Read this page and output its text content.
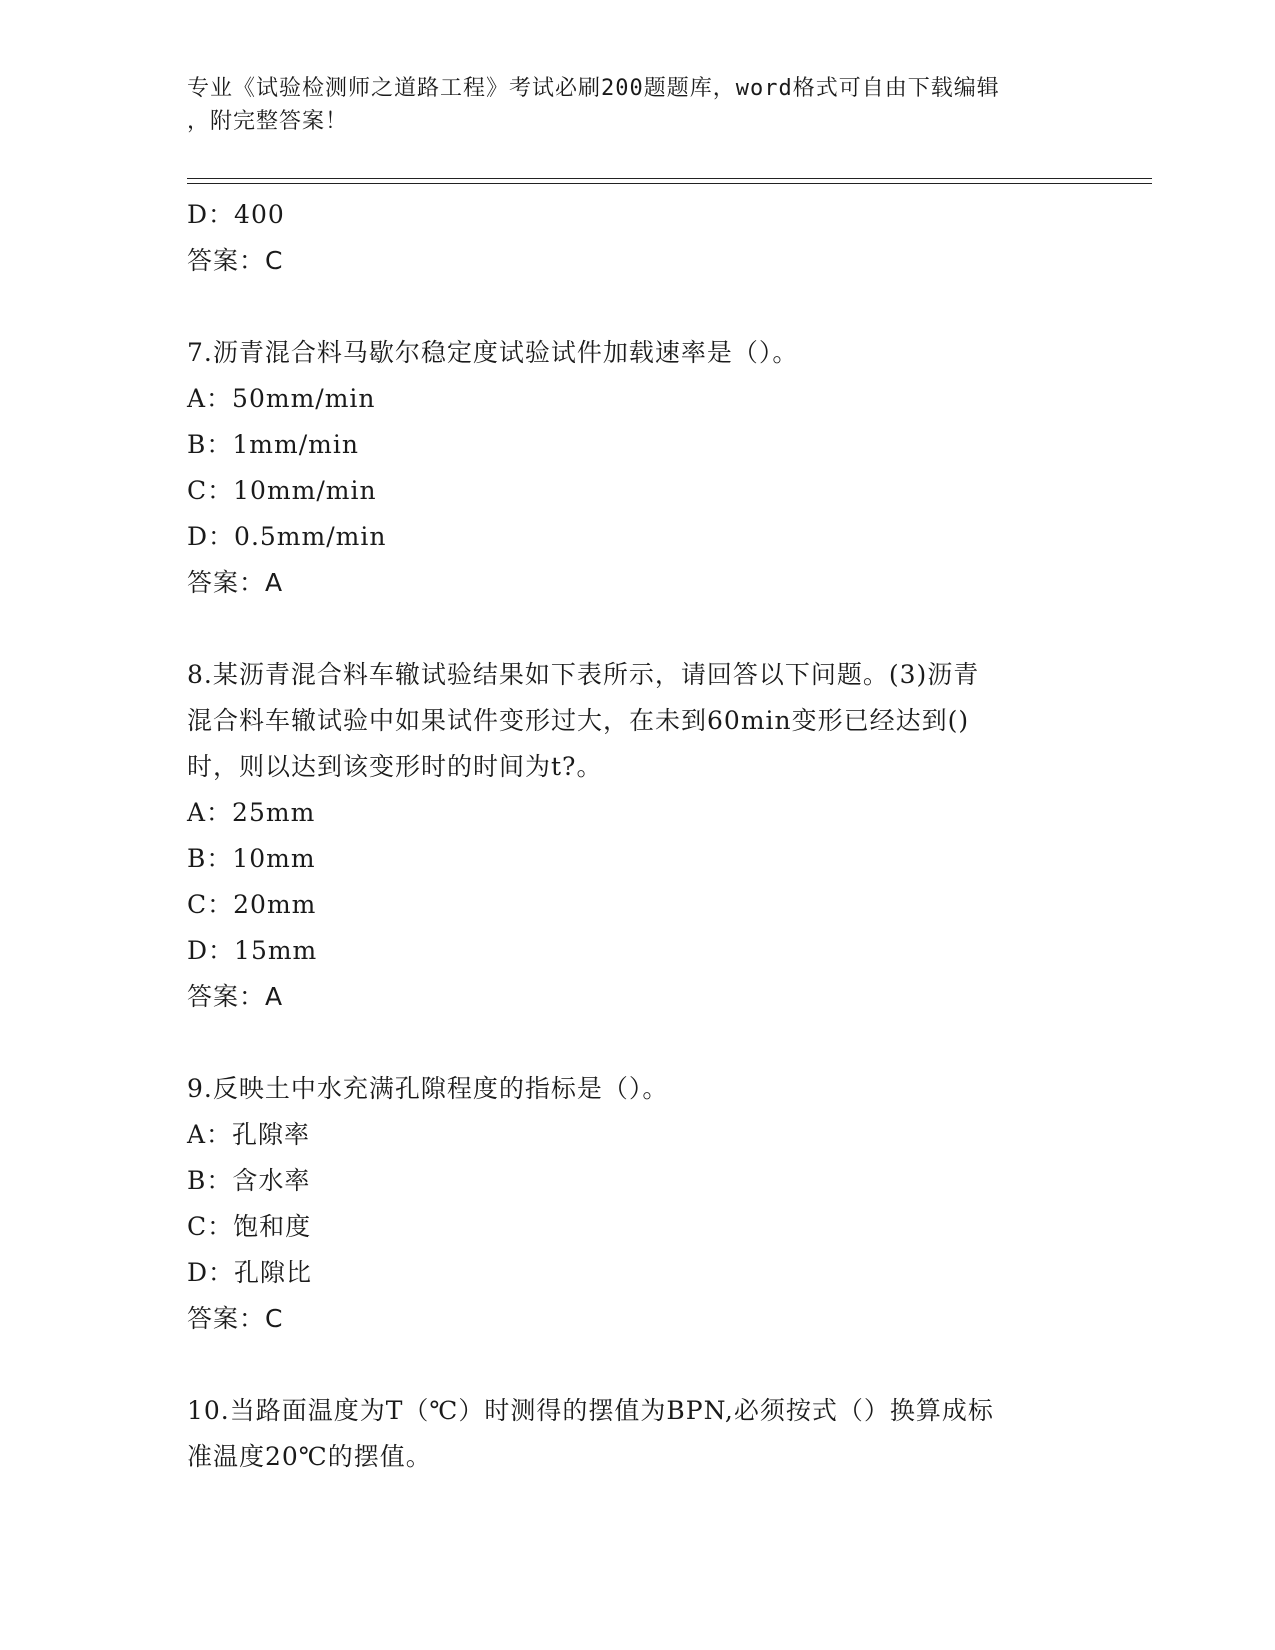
专业《试验检测师之道路工程》考试必刷200题题库，word格式可自由下载编辑
，附完整答案！
D：400
答案：C
7.沥青混合料马歇尔稳定度试验试件加载速率是（）。
A：50mm/min
B：1mm/min
C：10mm/min
D：0.5mm/min
答案：A
8.某沥青混合料车辙试验结果如下表所示，请回答以下问题。(3)沥青
混合料车辙试验中如果试件变形过大，在未到60min变形已经达到()
时，则以达到该变形时的时间为t?。
A：25mm
B：10mm
C：20mm
D：15mm
答案：A
9.反映土中水充满孔隙程度的指标是（）。
A：孔隙率
B：含水率
C：饱和度
D：孔隙比
答案：C
10.当路面温度为T（℃）时测得的摆值为BPN,必须按式（）换算成标
准温度20℃的摆值。
